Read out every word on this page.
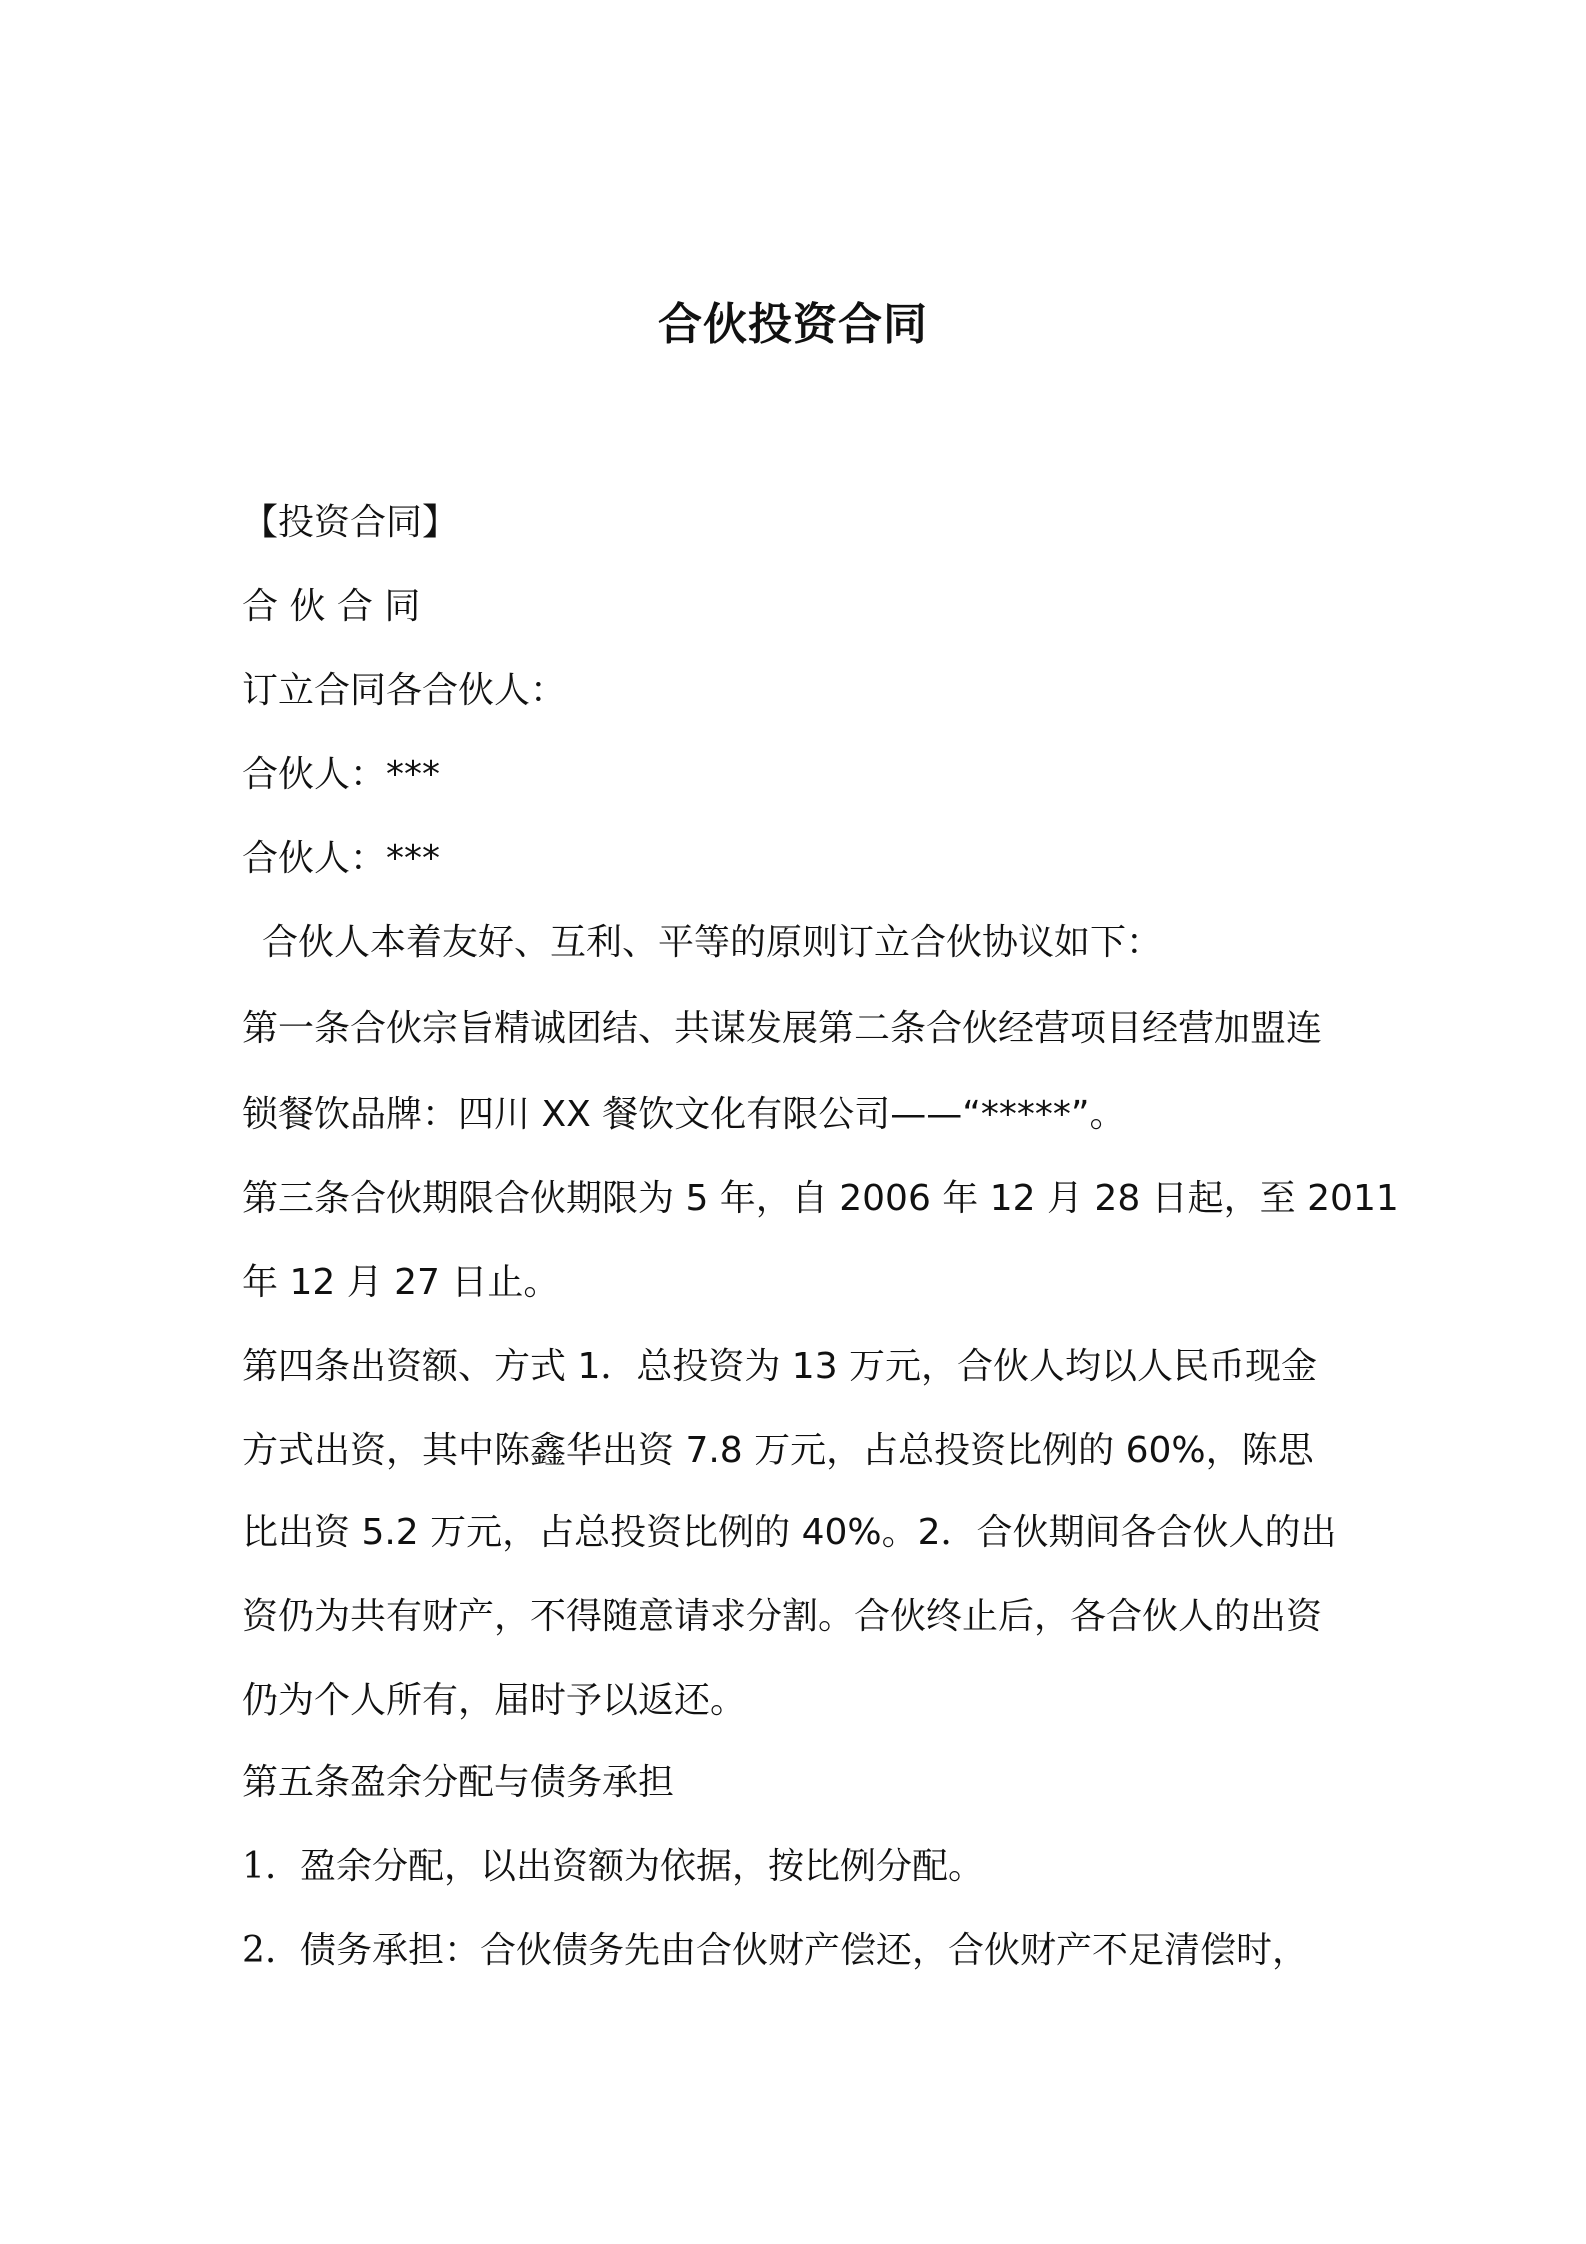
合伙投资合同
【投资合同】
合 伙 合 同
订立合同各合伙人：
合伙人：***
合伙人：***
合伙人本着友好、互利、平等的原则订立合伙协议如下：
第一条合伙宗旨精诚团结、共谋发展第二条合伙经营项目经营加盟连
锁餐饮品牌：四川 XX 餐饮文化有限公司——“*****”。
第三条合伙期限合伙期限为 5 年，自 2006 年 12 月 28 日起，至 2011
年 12 月 27 日止。
第四条出资额、方式 1．总投资为 13 万元，合伙人均以人民币现金
方式出资，其中陈鑫华出资 7.8 万元，占总投资比例的 60%，陈思
比出资 5.2 万元，占总投资比例的 40%。2．合伙期间各合伙人的出
资仍为共有财产，不得随意请求分割。合伙终止后，各合伙人的出资
仍为个人所有，届时予以返还。
第五条盈余分配与债务承担
1. 盈余分配，以出资额为依据，按比例分配。
2. 债务承担：合伙债务先由合伙财产偿还，合伙财产不足清偿时，
